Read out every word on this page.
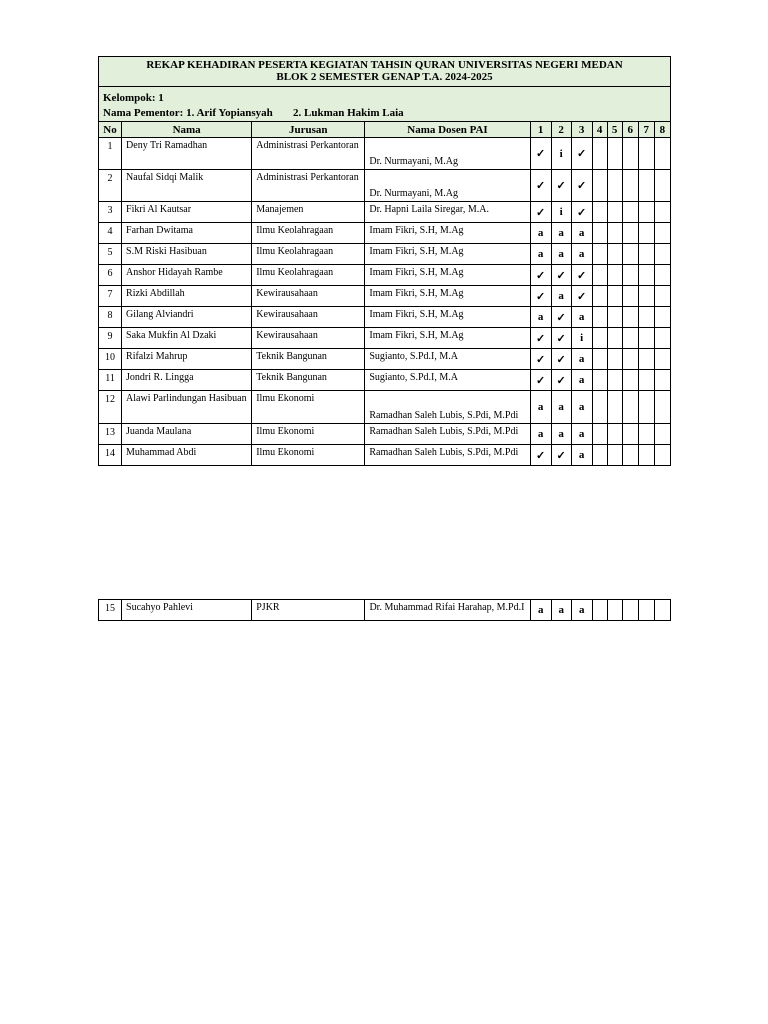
REKAP KEHADIRAN PESERTA KEGIATAN TAHSIN QURAN UNIVERSITAS NEGERI MEDAN
BLOK 2 SEMESTER GENAP T.A. 2024-2025											

Kelompok: 1											
Nama Pementor: 1. Arif Yopiansyah 2. Lukman Hakim Laia											
No	Nama	Jurusan	Nama Dosen PAI	1	2	3	4	5	6	7	8
1	Deny Tri Ramadhan	Administrasi Perkantoran	Dr. Nurmayani, M.Ag	✓	i	✓					
2	Naufal Sidqi Malik	Administrasi Perkantoran	Dr. Nurmayani, M.Ag	✓	✓	✓					
3	Fikri Al Kautsar	Manajemen	Dr. Hapni Laila Siregar, M.A.	✓	i	✓					
4	Farhan Dwitama	Ilmu Keolahragaan	Imam Fikri, S.H, M.Ag	a	a	a					
5	S.M Riski Hasibuan	Ilmu Keolahragaan	Imam Fikri, S.H, M.Ag	a	a	a					
6	Anshor Hidayah Rambe	Ilmu Keolahragaan	Imam Fikri, S.H, M.Ag	✓	✓	✓					
7	Rizki Abdillah	Kewirausahaan	Imam Fikri, S.H, M.Ag	✓	a	✓					
8	Gilang Alviandri	Kewirausahaan	Imam Fikri, S.H, M.Ag	a	✓	a					
9	Saka Mukfin Al Dzaki	Kewirausahaan	Imam Fikri, S.H, M.Ag	✓	✓	i					
10	Rifalzi Mahrup	Teknik Bangunan	Sugianto, S.Pd.I, M.A	✓	✓	a					
11	Jondri R. Lingga	Teknik Bangunan	Sugianto, S.Pd.I, M.A	✓	✓	a					
12	Alawi Parlindungan Hasibuan	Ilmu Ekonomi	Ramadhan Saleh Lubis, S.Pdi, M.Pdi	a	a	a					
13	Juanda Maulana	Ilmu Ekonomi	Ramadhan Saleh Lubis, S.Pdi, M.Pdi	a	a	a					
14	Muhammad Abdi	Ilmu Ekonomi	Ramadhan Saleh Lubis, S.Pdi, M.Pdi	✓	✓	a					
15	Sucahyo Pahlevi	PJKR	Dr. Muhammad Rifai Harahap, M.Pd.I	a	a	a					
